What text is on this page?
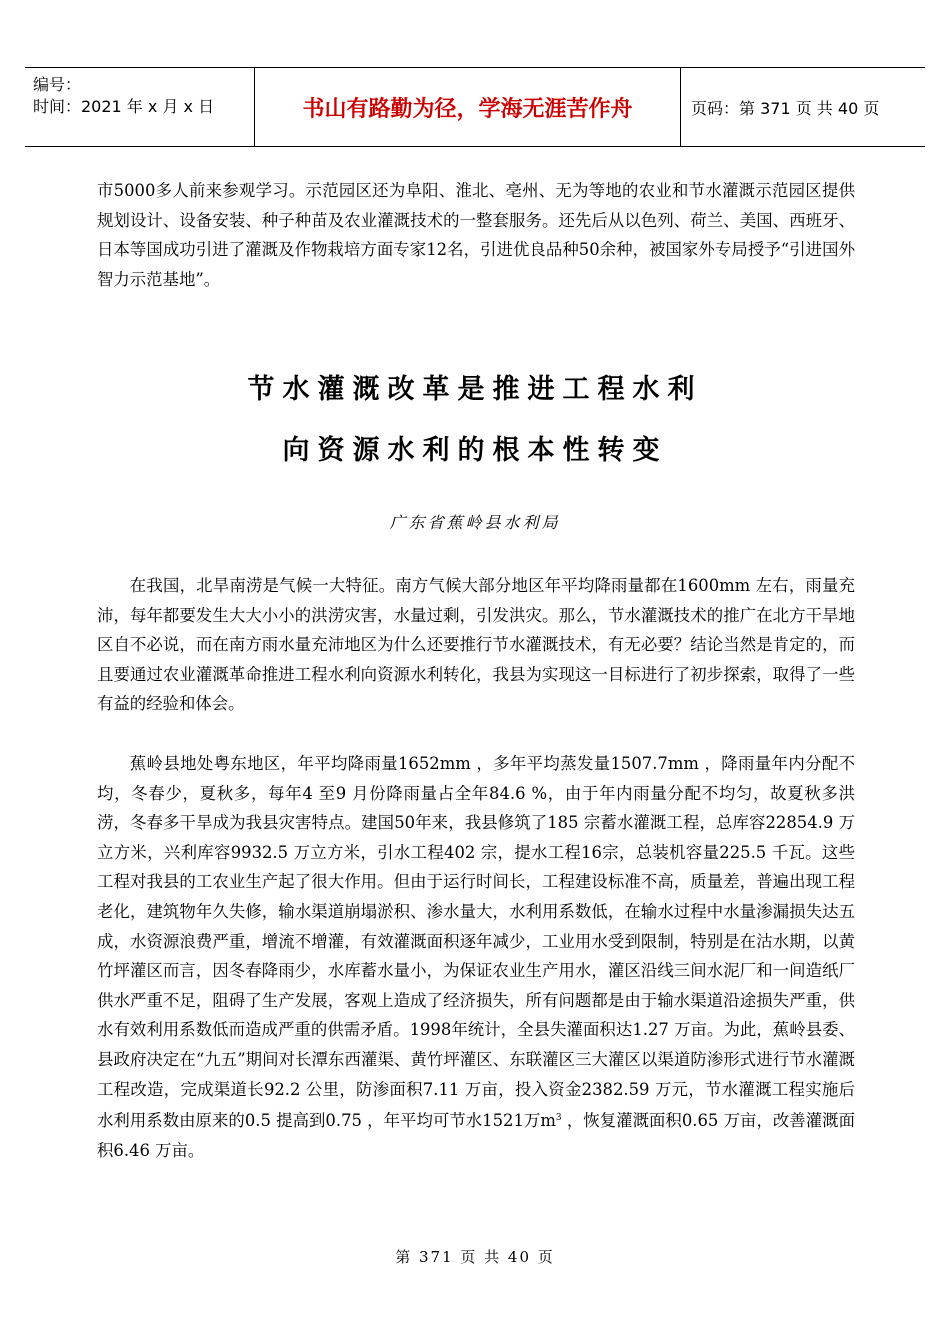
编号：
时间：2021 年 x 月 x 日	书山有路勤为径，学海无涯苦作舟	页码：第 371 页 共 40 页

市5000多人前来参观学习。示范园区还为阜阳、淮北、亳州、无为等地的农业和节水灌溉示范园区提供规划设计、设备安装、种子种苗及农业灌溉技术的一整套服务。还先后从以色列、荷兰、美国、西班牙、日本等国成功引进了灌溉及作物栽培方面专家12名，引进优良品种50余种，被国家外专局授予“引进国外智力示范基地”。

节水灌溉改革是推进工程水利
向资源水利的根本性转变
广东省蕉岭县水利局

在我国，北旱南涝是气候一大特征。南方气候大部分地区年平均降雨量都在1600mm 左右，雨量充沛，每年都要发生大大小小的洪涝灾害，水量过剩，引发洪灾。那么，节水灌溉技术的推广在北方干旱地区自不必说，而在南方雨水量充沛地区为什么还要推行节水灌溉技术，有无必要？结论当然是肯定的，而且要通过农业灌溉革命推进工程水利向资源水利转化，我县为实现这一目标进行了初步探索，取得了一些有益的经验和体会。

蕉岭县地处粤东地区，年平均降雨量1652mm ，多年平均蒸发量1507.7mm ，降雨量年内分配不均，冬春少，夏秋多，每年4 至9 月份降雨量占全年84.6 %，由于年内雨量分配不均匀，故夏秋多洪涝，冬春多干旱成为我县灾害特点。建国50年来，我县修筑了185 宗蓄水灌溉工程，总库容22854.9 万立方米，兴利库容9932.5 万立方米，引水工程402 宗，提水工程16宗，总装机容量225.5 千瓦。这些工程对我县的工农业生产起了很大作用。但由于运行时间长，工程建设标准不高，质量差，普遍出现工程老化，建筑物年久失修，输水渠道崩塌淤积、渗水量大，水利用系数低，在输水过程中水量渗漏损失达五成，水资源浪费严重，增流不增灌，有效灌溉面积逐年减少，工业用水受到限制，特别是在沽水期，以黄竹坪灌区而言，因冬春降雨少，水库蓄水量小，为保证农业生产用水，灌区沿线三间水泥厂和一间造纸厂供水严重不足，阻碍了生产发展，客观上造成了经济损失，所有问题都是由于输水渠道沿途损失严重，供水有效利用系数低而造成严重的供需矛盾。1998年统计，全县失灌面积达1.27 万亩。为此，蕉岭县委、县政府决定在“九五”期间对长潭东西灌渠、黄竹坪灌区、东联灌区三大灌区以渠道防渗形式进行节水灌溉工程改造，完成渠道长92.2 公里，防渗面积7.11 万亩，投入资金2382.59 万元，节水灌溉工程实施后水利用系数由原来的0.5 提高到0.75 ，年平均可节水1521万$m^3$ ，恢复灌溉面积0.65 万亩，改善灌溉面积6.46 万亩。

第 371 页 共 40 页
